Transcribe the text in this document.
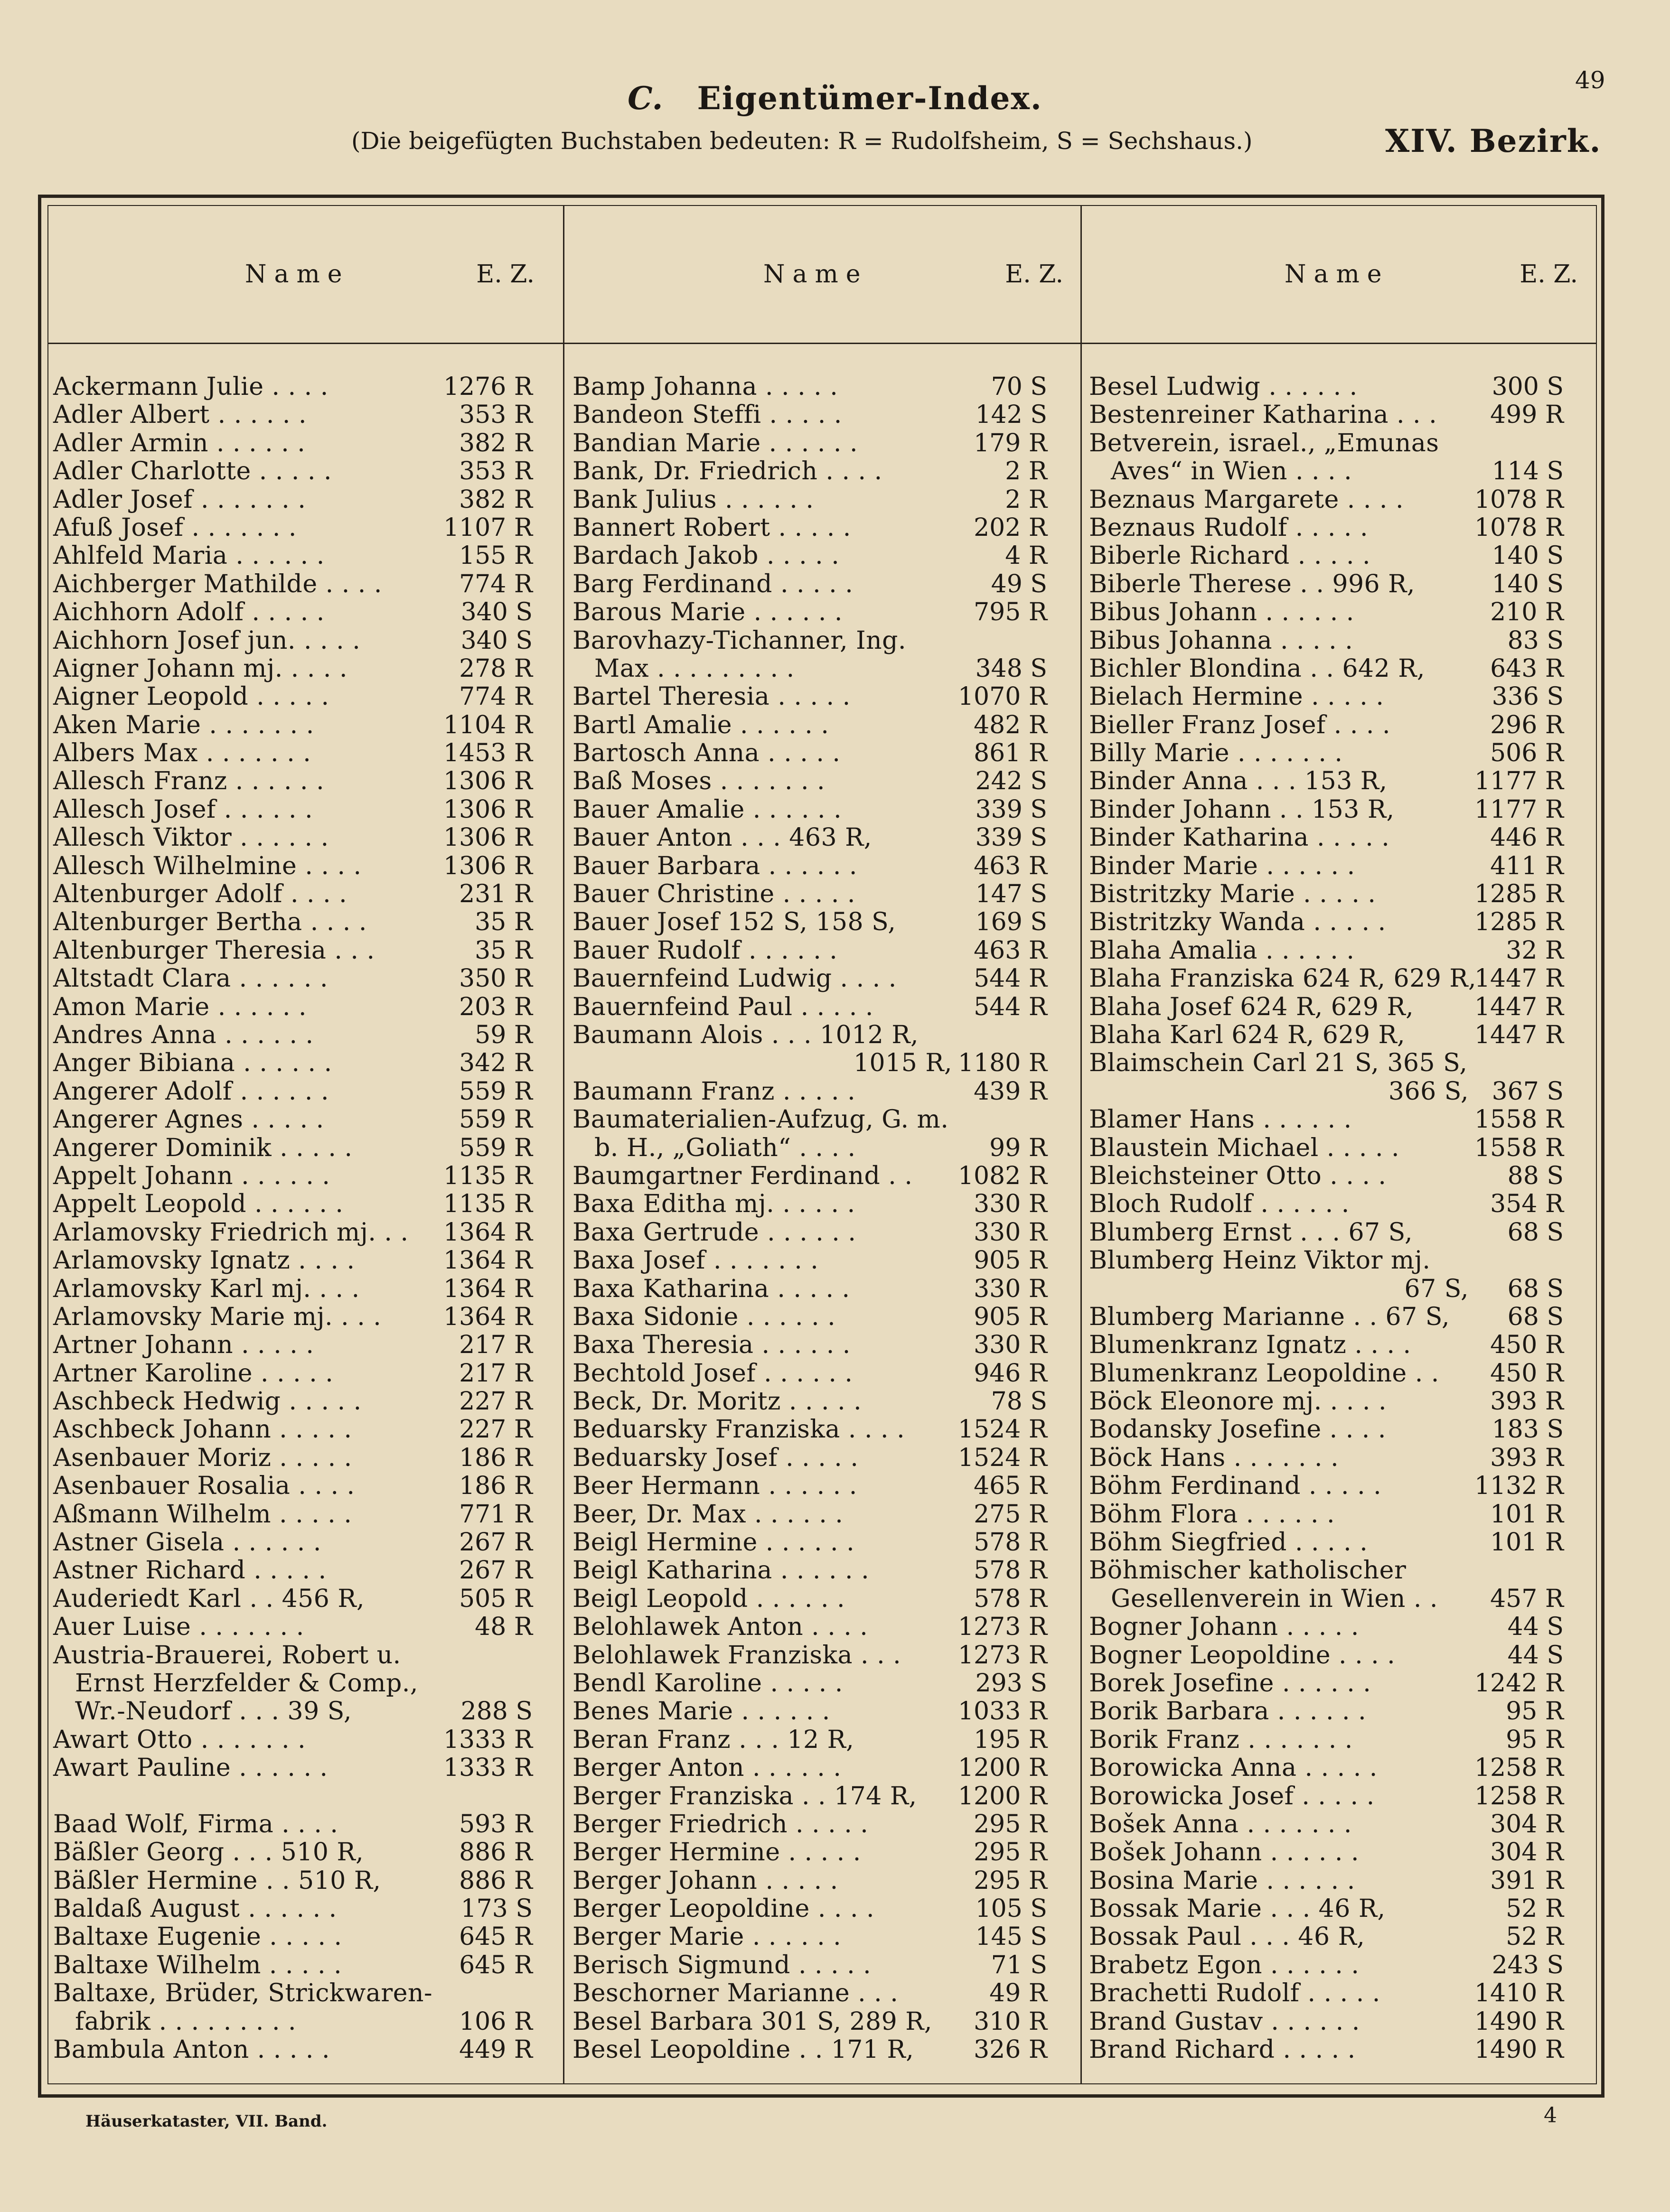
49
C. Eigentümer-Index.
(Die beigefügten Buchstaben bedeuten: R = Rudolfsheim, S = Sechshaus.)	XIV. Bezirk.
Name	E. Z.	Name	E. Z.	Name	E. Z.
Ackermann Julie . . . .	1276 R
Adler Albert . . . . . .	353 R
Adler Armin . . . . . .	382 R
Adler Charlotte . . . . .	353 R
Adler Josef . . . . . . .	382 R
Afuß Josef . . . . . . .	1107 R
Ahlfeld Maria . . . . . .	155 R
Aichberger Mathilde . . . .	774 R
Aichhorn Adolf . . . . .	340 S
Aichhorn Josef jun. . . . .	340 S
Aigner Johann mj. . . . .	278 R
Aigner Leopold . . . . .	774 R
Aken Marie . . . . . . .	1104 R
Albers Max . . . . . . .	1453 R
Allesch Franz . . . . . .	1306 R
Allesch Josef . . . . . .	1306 R
Allesch Viktor . . . . . .	1306 R
Allesch Wilhelmine . . . .	1306 R
Altenburger Adolf . . . .	231 R
Altenburger Bertha . . . .	35 R
Altenburger Theresia . . .	35 R
Altstadt Clara . . . . . .	350 R
Amon Marie . . . . . .	203 R
Andres Anna . . . . . .	59 R
Anger Bibiana . . . . . .	342 R
Angerer Adolf . . . . . .	559 R
Angerer Agnes . . . . .	559 R
Angerer Dominik . . . . .	559 R
Appelt Johann . . . . . .	1135 R
Appelt Leopold . . . . . .	1135 R
Arlamovsky Friedrich mj. . . 1364 R
Arlamovsky Ignatz . . . .	1364 R
Arlamovsky Karl mj. . . .	1364 R
Arlamovsky Marie mj. . . .	1364 R
Artner Johann . . . . .	217 R
Artner Karoline . . . . .	217 R
Aschbeck Hedwig . . . . .	227 R
Aschbeck Johann . . . . .	227 R
Asenbauer Moriz . . . . .	186 R
Asenbauer Rosalia . . . .	186 R
Aßmann Wilhelm . . . . .	771 R
Astner Gisela . . . . . .	267 R
Astner Richard . . . . .	267 R
Auderiedt Karl . . 456 R,	505 R
Auer Luise . . . . . . .	48 R
Austria-Brauerei, Robert u.
Ernst Herzfelder & Comp.,
Wr.-Neudorf . . . 39 S,	288 S
Awart Otto . . . . . . .	1333 R
Awart Pauline . . . . . .	1333 R
Baad Wolf, Firma . . . .	593 R
Bäßler Georg . . . 510 R,	886 R
Bäßler Hermine . . 510 R,	886 R
Baldaß August . . . . . .	173 S
Baltaxe Eugenie . . . . .	645 R
Baltaxe Wilhelm . . . . .	645 R
Baltaxe, Brüder, Strickwaren-
fabrik . . . . . . . . .	106 R
Bambula Anton . . . . .	449 R
Bamp Johanna . . . . .	70 S
Bandeon Steffi . . . . .	142 S
Bandian Marie . . . . . .	179 R
Bank, Dr. Friedrich . . . .	2 R
Bank Julius . . . . . .	2 R
Bannert Robert . . . . .	202 R
Bardach Jakob . . . . .	4 R
Barg Ferdinand . . . . .	49 S
Barous Marie . . . . . .	795 R
Barovhazy-Tichanner, Ing.
Max . . . . . . . . .	348 S
Bartel Theresia . . . . .	1070 R
Bartl Amalie . . . . . .	482 R
Bartosch Anna . . . . .	861 R
Baß Moses . . . . . . .	242 S
Bauer Amalie . . . . . .	339 S
Bauer Anton . . . 463 R,	339 S
Bauer Barbara . . . . . .	463 R
Bauer Christine . . . . .	147 S
Bauer Josef 152 S, 158 S,	169 S
Bauer Rudolf . . . . . .	463 R
Bauernfeind Ludwig . . . .	544 R
Bauernfeind Paul . . . . .	544 R
Baumann Alois . . . 1012 R,
1015 R, 1180 R
Baumann Franz . . . . .	439 R
Baumaterialien-Aufzug, G. m.
b. H., „Goliath“ . . . .	99 R
Baumgartner Ferdinand . . 1082 R
Baxa Editha mj. . . . . .	330 R
Baxa Gertrude . . . . . .	330 R
Baxa Josef . . . . . . .	905 R
Baxa Katharina . . . . .	330 R
Baxa Sidonie . . . . . .	905 R
Baxa Theresia . . . . . .	330 R
Bechtold Josef . . . . . .	946 R
Beck, Dr. Moritz . . . . .	78 S
Beduarsky Franziska . . . . 1524 R
Beduarsky Josef . . . . .	1524 R
Beer Hermann . . . . . .	465 R
Beer, Dr. Max . . . . . .	275 R
Beigl Hermine . . . . . .	578 R
Beigl Katharina . . . . . .	578 R
Beigl Leopold . . . . . .	578 R
Belohlawek Anton . . . .	1273 R
Belohlawek Franziska . . . 1273 R
Bendl Karoline . . . . .	293 S
Benes Marie . . . . . .	1033 R
Beran Franz . . . 12 R,	195 R
Berger Anton . . . . . .	1200 R
Berger Franziska . . 174 R, 1200 R
Berger Friedrich . . . . .	295 R
Berger Hermine . . . . .	295 R
Berger Johann . . . . .	295 R
Berger Leopoldine . . . .	105 S
Berger Marie . . . . . .	145 S
Berisch Sigmund . . . . .	71 S
Beschorner Marianne . . .	49 R
Besel Barbara 301 S, 289 R, 310 R
Besel Leopoldine . . 171 R, 326 R
Besel Ludwig . . . . . .	300 S
Bestenreiner Katharina . . . 499 R
Betverein, israel., „Emunas
Aves“ in Wien . . . .	114 S
Beznaus Margarete . . . .	1078 R
Beznaus Rudolf . . . . .	1078 R
Biberle Richard . . . . .	140 S
Biberle Therese . . 996 R,	140 S
Bibus Johann . . . . . .	210 R
Bibus Johanna . . . . .	83 S
Bichler Blondina . . 642 R,	643 R
Bielach Hermine . . . . .	336 S
Bieller Franz Josef . . . .	296 R
Billy Marie . . . . . . .	506 R
Binder Anna . . . 153 R,	1177 R
Binder Johann . . 153 R,	1177 R
Binder Katharina . . . . .	446 R
Binder Marie . . . . . .	411 R
Bistritzky Marie . . . . .	1285 R
Bistritzky Wanda . . . . .	1285 R
Blaha Amalia . . . . . .	32 R
Blaha Franziska 624 R, 629 R,
1447 R
Blaha Josef 624 R, 629 R, 1447 R
Blaha Karl 624 R, 629 R,	1447 R
Blaimschein Carl 21 S, 365 S,
366 S, 367 S
Blamer Hans . . . . . .	1558 R
Blaustein Michael . . . . .	1558 R
Bleichsteiner Otto . . . .	88 S
Bloch Rudolf . . . . . .	354 R
Blumberg Ernst . . . 67 S,	68 S
Blumberg Heinz Viktor mj.
67 S, 68 S
Blumberg Marianne . . 67 S, 68 S
Blumenkranz Ignatz . . . .	450 R
Blumenkranz Leopoldine . . 450 R
Böck Eleonore mj. . . . .	393 R
Bodansky Josefine . . . .	183 S
Böck Hans . . . . . . .	393 R
Böhm Ferdinand . . . . .	1132 R
Böhm Flora . . . . . .	101 R
Böhm Siegfried . . . . .	101 R
Böhmischer katholischer
Gesellenverein in Wien . . 457 R
Bogner Johann . . . . .	44 S
Bogner Leopoldine . . . .	44 S
Borek Josefine . . . . . .	1242 R
Borik Barbara . . . . . .	95 R
Borik Franz . . . . . . .	95 R
Borowicka Anna . . . . .	1258 R
Borowicka Josef . . . . .	1258 R
Bošek Anna . . . . . . .	304 R
Bošek Johann . . . . . .	304 R
Bosina Marie . . . . . .	391 R
Bossak Marie . . . 46 R,	52 R
Bossak Paul . . . 46 R,	52 R
Brabetz Egon . . . . . .	243 S
Brachetti Rudolf . . . . .	1410 R
Brand Gustav . . . . . .	1490 R
Brand Richard . . . . .	1490 R
Häuserkataster, VII. Band.	4
